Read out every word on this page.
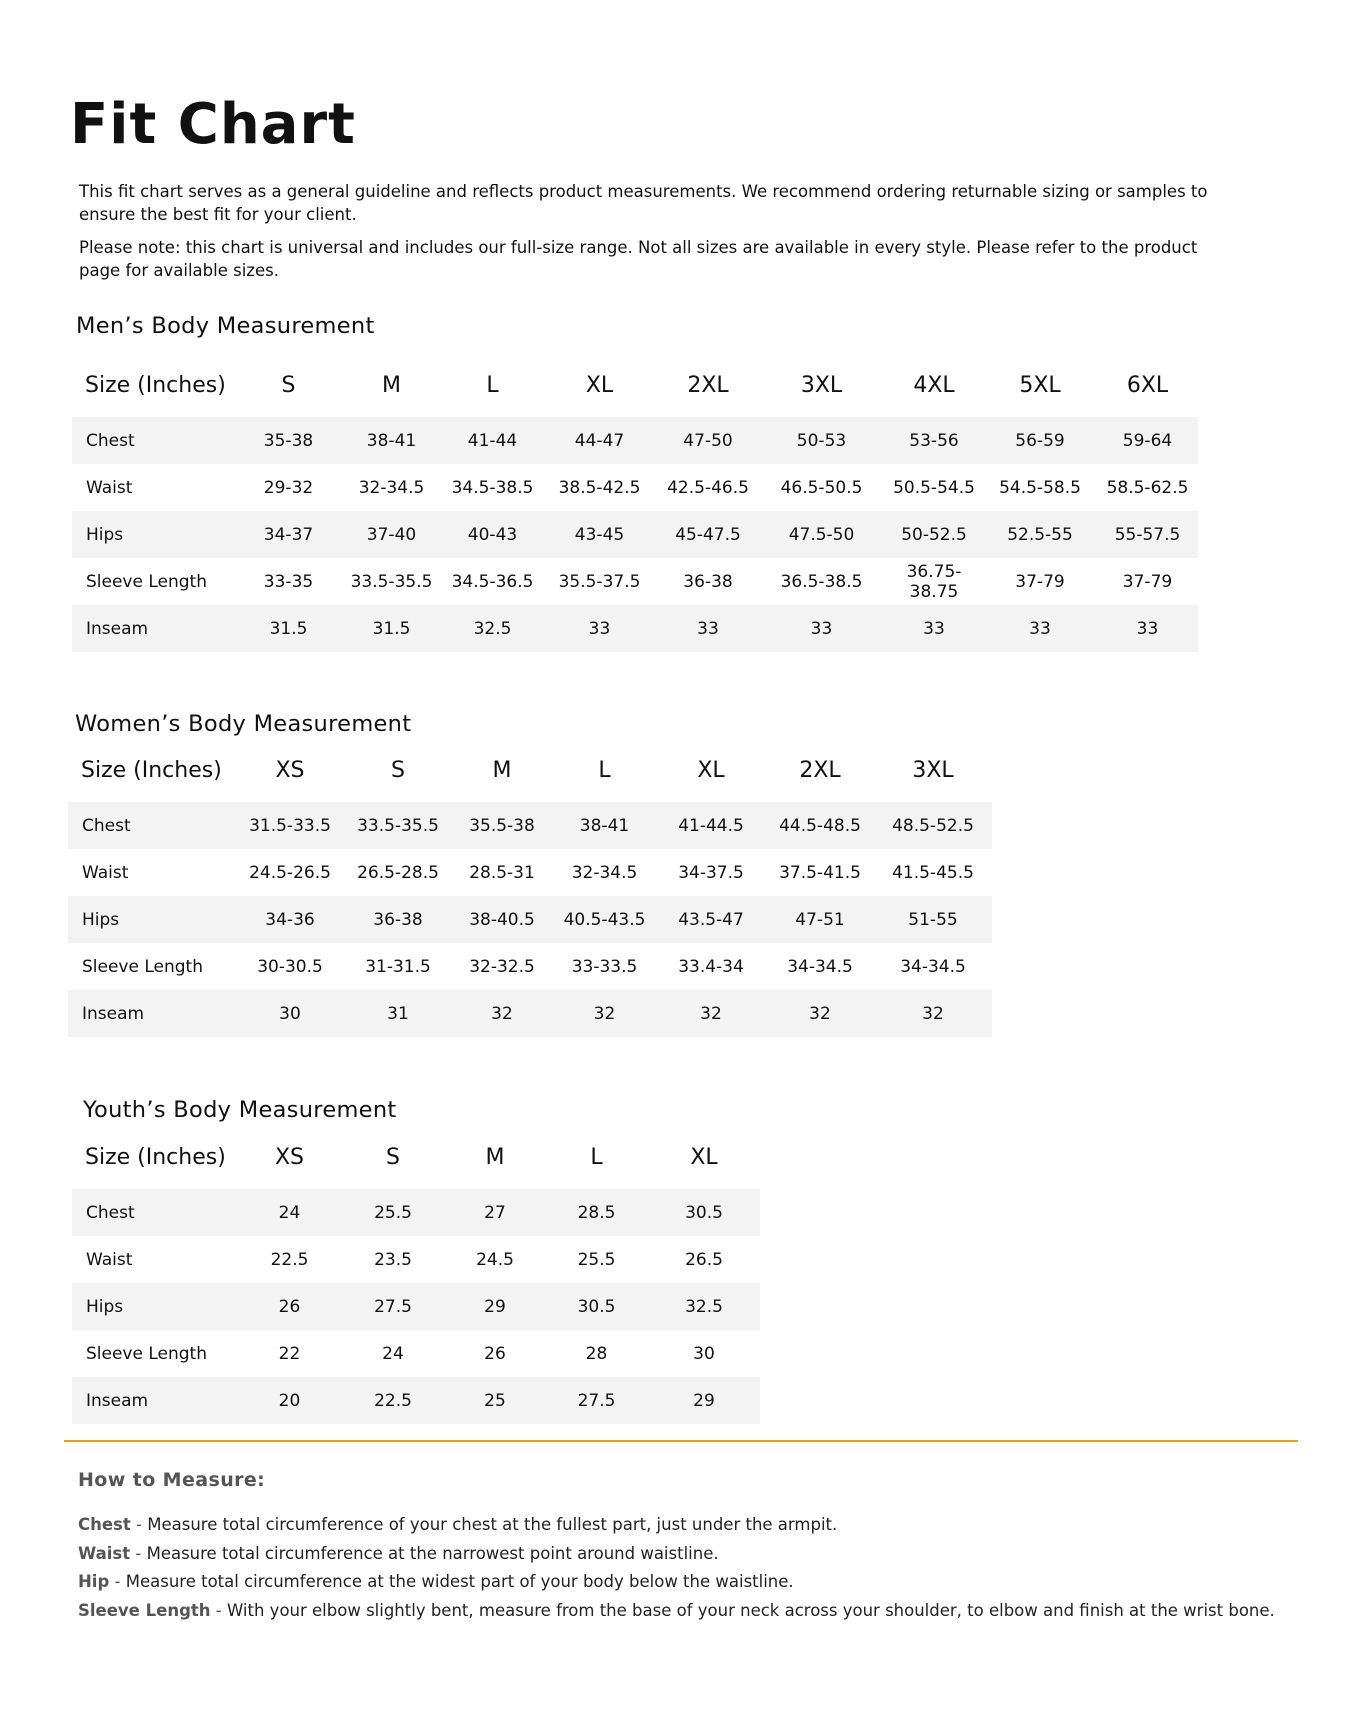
Fit Chart

This fit chart serves as a general guideline and reflects product measurements. We recommend ordering returnable sizing or samples to ensure the best fit for your client.

Please note: this chart is universal and includes our full-size range. Not all sizes are available in every style. Please refer to the product page for available sizes.

Men’s Body Measurement
Size (Inches)	S	M	L	XL	2XL	3XL	4XL	5XL	6XL
Chest	35-38	38-41	41-44	44-47	47-50	50-53	53-56	56-59	59-64
Waist	29-32	32-34.5	34.5-38.5	38.5-42.5	42.5-46.5	46.5-50.5	50.5-54.5	54.5-58.5	58.5-62.5
Hips	34-37	37-40	40-43	43-45	45-47.5	47.5-50	50-52.5	52.5-55	55-57.5
Sleeve Length	33-35	33.5-35.5	34.5-36.5	35.5-37.5	36-38	36.5-38.5	36.75-38.75	37-79	37-79
Inseam	31.5	31.5	32.5	33	33	33	33	33	33
Women’s Body Measurement
Size (Inches)	XS	S	M	L	XL	2XL	3XL
Chest	31.5-33.5	33.5-35.5	35.5-38	38-41	41-44.5	44.5-48.5	48.5-52.5
Waist	24.5-26.5	26.5-28.5	28.5-31	32-34.5	34-37.5	37.5-41.5	41.5-45.5
Hips	34-36	36-38	38-40.5	40.5-43.5	43.5-47	47-51	51-55
Sleeve Length	30-30.5	31-31.5	32-32.5	33-33.5	33.4-34	34-34.5	34-34.5
Inseam	30	31	32	32	32	32	32
Youth’s Body Measurement
Size (Inches)	XS	S	M	L	XL
Chest	24	25.5	27	28.5	30.5
Waist	22.5	23.5	24.5	25.5	26.5
Hips	26	27.5	29	30.5	32.5
Sleeve Length	22	24	26	28	30
Inseam	20	22.5	25	27.5	29
How to Measure:
Chest - Measure total circumference of your chest at the fullest part, just under the armpit.
Waist - Measure total circumference at the narrowest point around waistline.
Hip - Measure total circumference at the widest part of your body below the waistline.
Sleeve Length - With your elbow slightly bent, measure from the base of your neck across your shoulder, to elbow and finish at the wrist bone.
